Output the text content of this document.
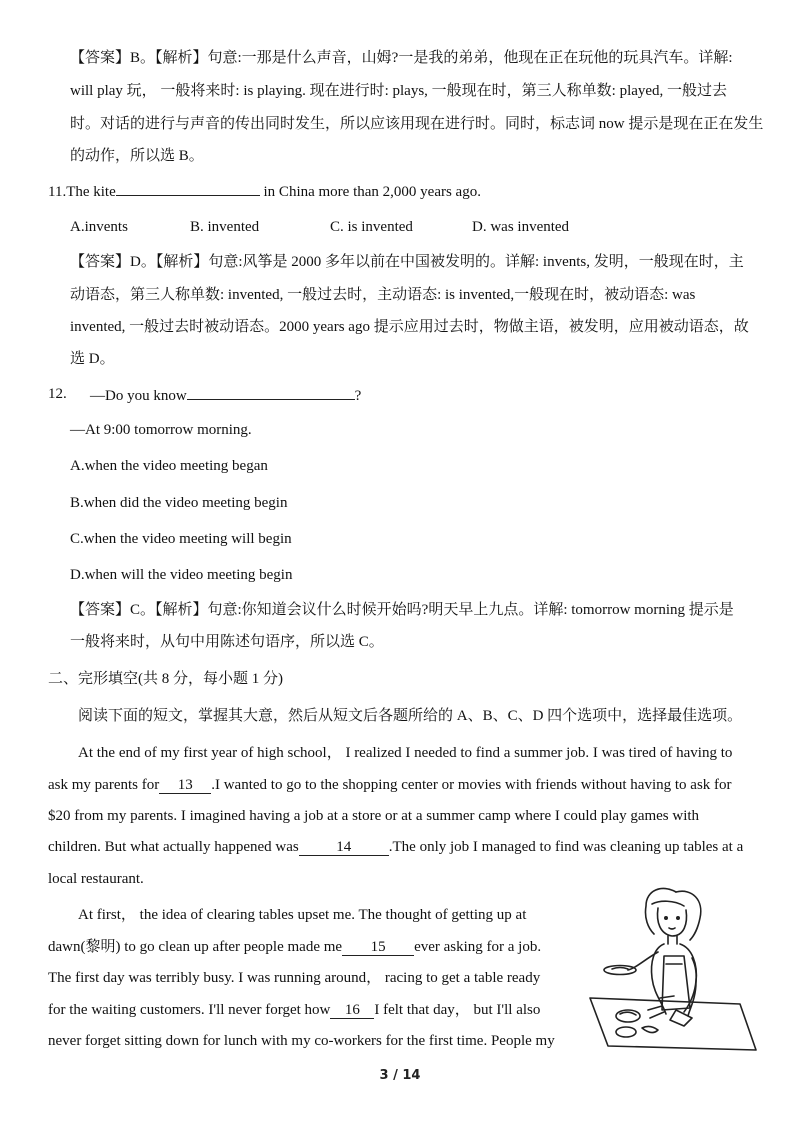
【答案】B。【解析】句意:一那是什么声音，山姆?一是我的弟弟，他现在正在玩他的玩具汽车。详解:
will play 玩， 一般将来时: is playing. 现在进行时: plays, 一般现在时，第三人称单数: played, 一般过去
时。对话的进行与声音的传出同时发生，所以应该用现在进行时。同时，标志词 now 提示是现在正在发生
的动作，所以选 B。
11.The kite	in China more than 2,000 years ago.
A.invents	B. invented	C. is invented	D. was invented
【答案】D。【解析】句意:风筝是 2000 多年以前在中国被发明的。详解: invents, 发明，一般现在时，主
动语态，第三人称单数: invented, 一般过去时，主动语态: is invented,一般现在时，被动语态: was
invented, 一般过去时被动语态。2000 years ago 提示应用过去时，物做主语，被发明，应用被动语态，故
选 D。
12. —Do you know	?
—At 9:00 tomorrow morning.
A.when the video meeting began
B.when did the video meeting begin
C.when the video meeting will begin
D.when will the video meeting begin
【答案】C。【解析】句意:你知道会议什么时候开始吗?明天早上九点。详解: tomorrow morning 提示是
一般将来时，从句中用陈述句语序，所以选 C。
二、完形填空(共 8 分，每小题 1 分)
阅读下面的短文，掌握其大意，然后从短文后各题所给的 A、B、C、D 四个选项中，选择最佳选项。
At the end of my first year of high school， I realized I needed to find a summer job. I was tired of having to
ask my parents for 13 .I wanted to go to the shopping center or movies with friends without having to ask for
$20 from my parents. I imagined having a job at a store or at a summer camp where I could play games with
children. But what actually happened was	14	.The only job I managed to find was cleaning up tables at a
local restaurant.
At first， the idea of clearing tables upset me. The thought of getting up at
dawn(黎明) to go clean up after people made me 15 ever asking for a job.
The first day was terribly busy. I was running around， racing to get a table ready
for the waiting customers. I'll never forget how 16 I felt that day， but I'll also
never forget sitting down for lunch with my co-workers for the first time. People my
3 / 14
